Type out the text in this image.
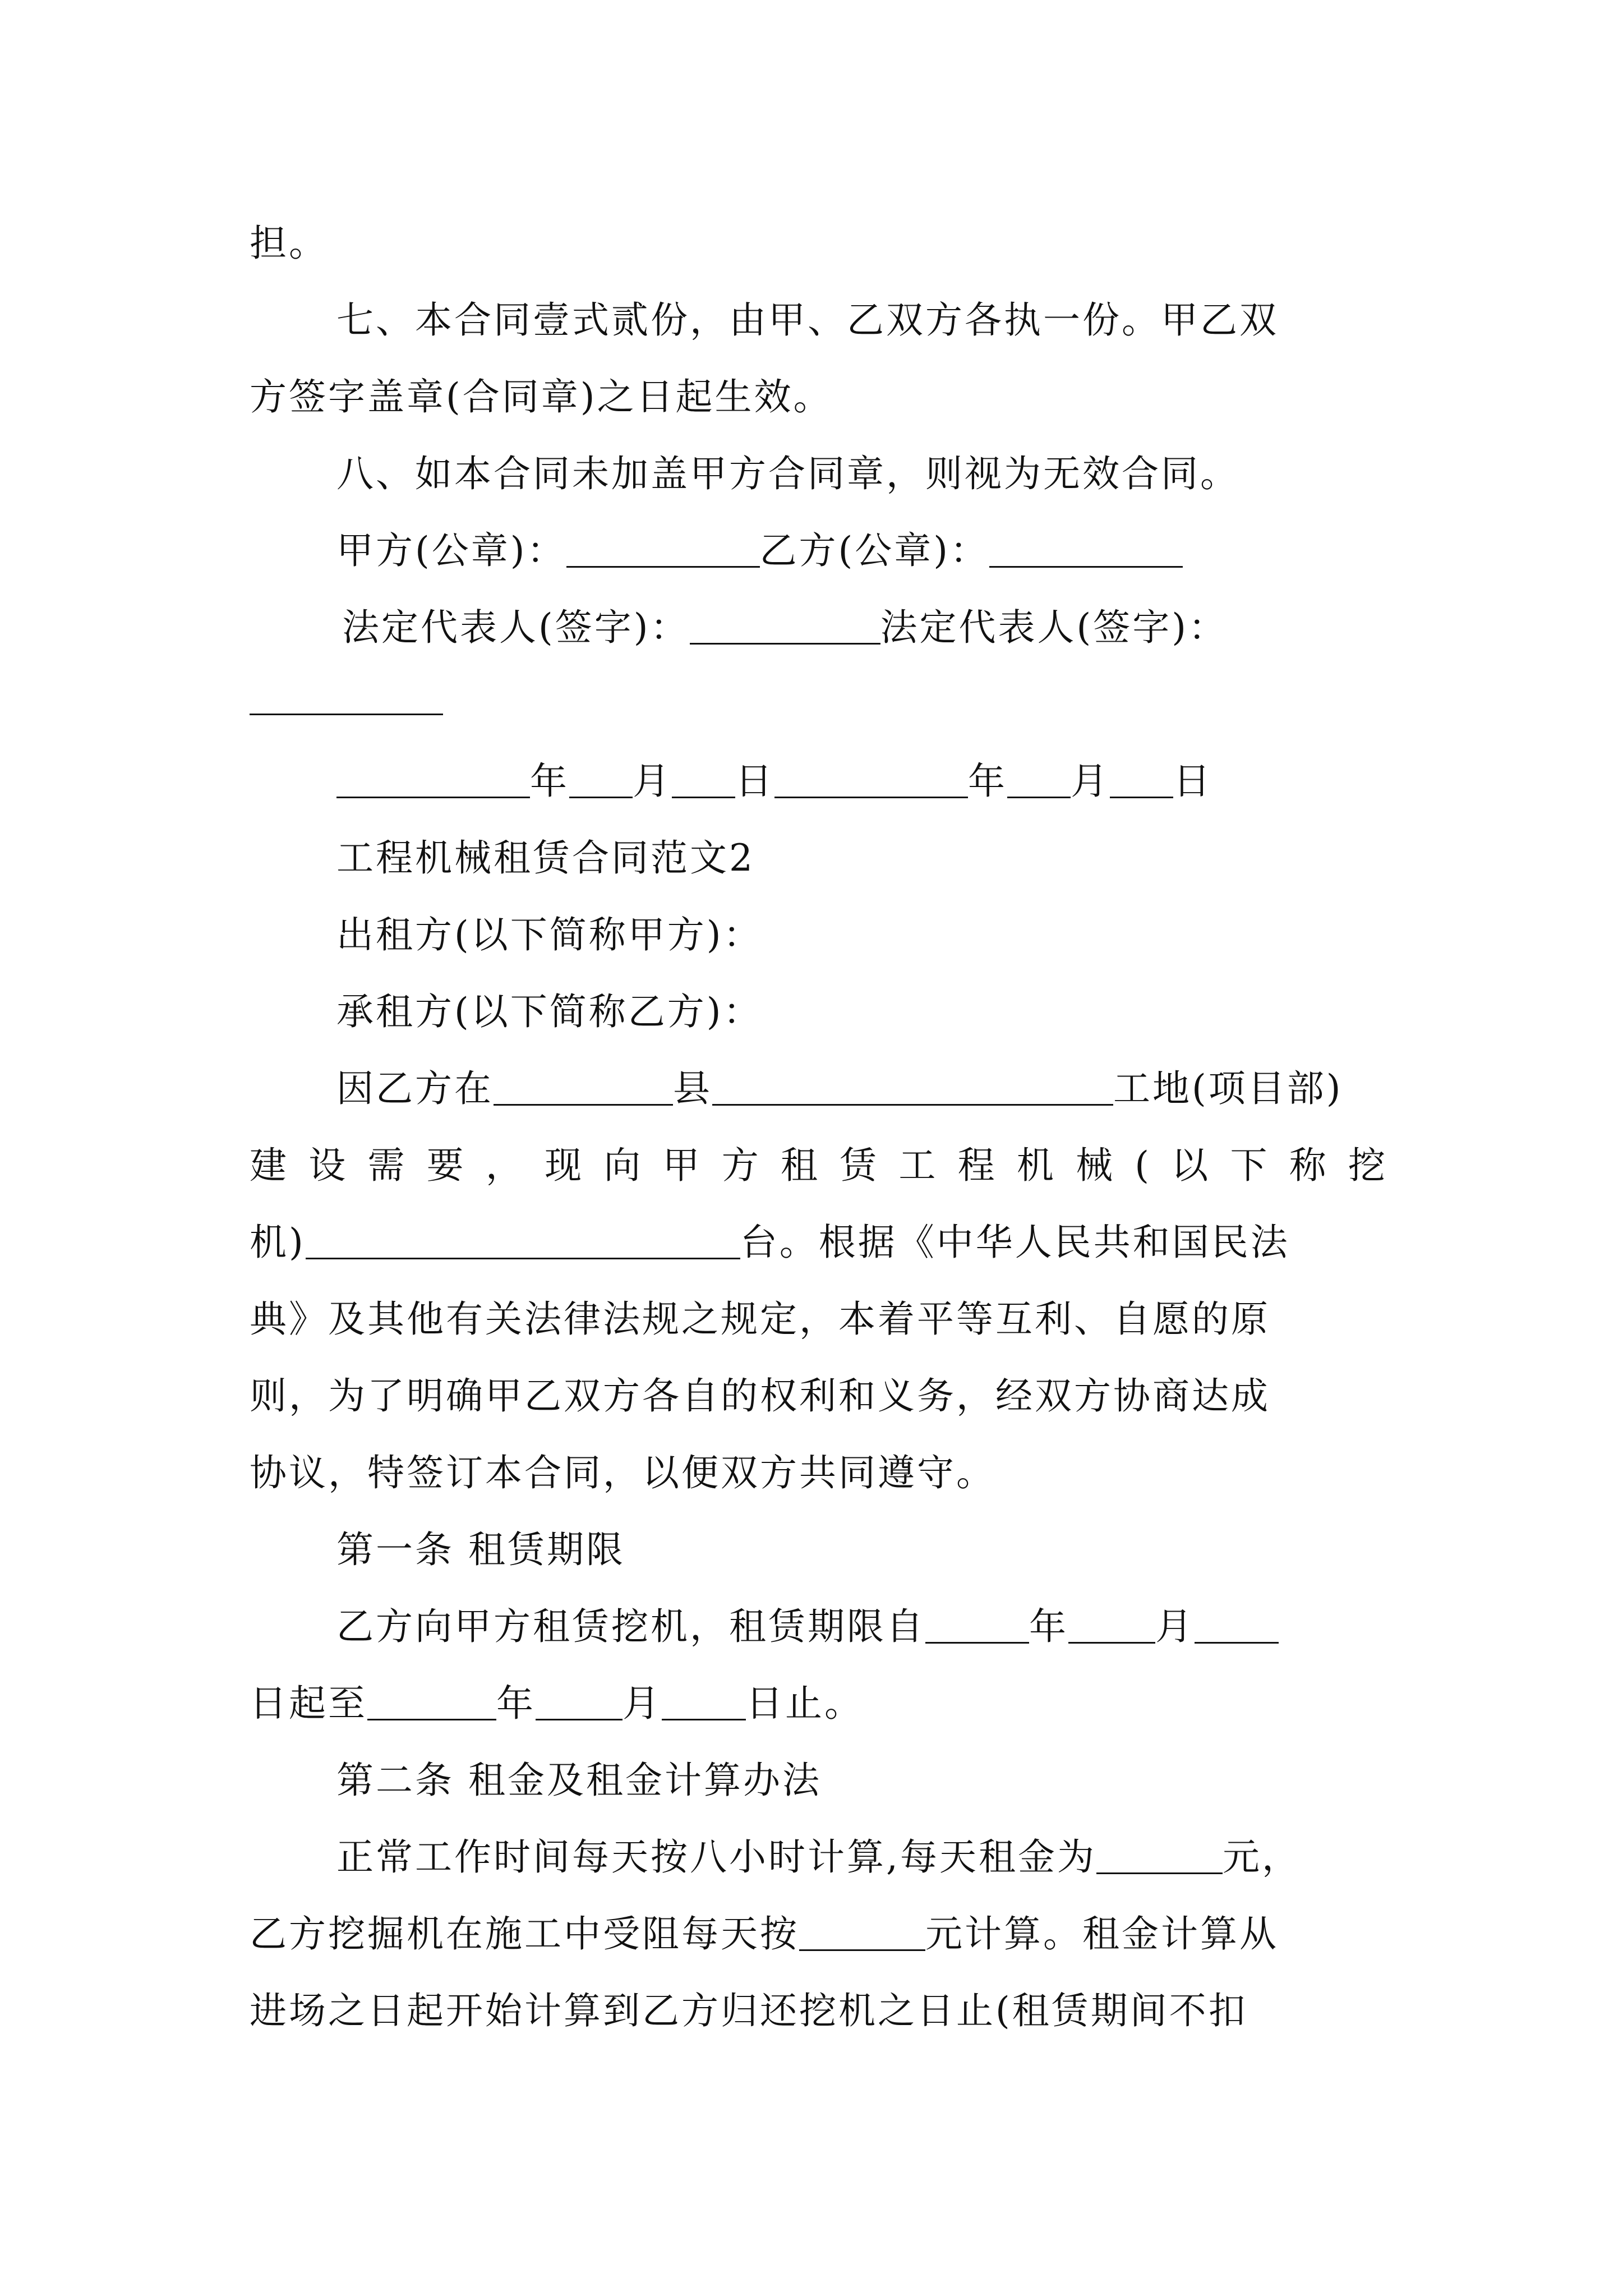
担。
七、本合同壹式贰份，由甲、乙双方各执一份。甲乙双
方签字盖章(合同章)之日起生效。
八、如本合同未加盖甲方合同章，则视为无效合同。
甲方(公章)：	乙方(公章)：
法定代表人(签字)：	法定代表人(签字)：
年 月 日	年 月 日
工程机械租赁合同范文2
出租方(以下简称甲方)：
承租方(以下简称乙方)：
因乙方在	县	工地(项目部)
建 设 需 要 ， 现 向 甲 方 租 赁 工 程 机 械 ( 以 下 称 挖
机)	台。根据《中华人民共和国民法
典》及其他有关法律法规之规定，本着平等互利、自愿的原
则，为了明确甲乙双方各自的权利和义务，经双方协商达成
协议，特签订本合同，以便双方共同遵守。
第一条 租赁期限
乙方向甲方租赁挖机，租赁期限自	年 月
日起至	年 月 日止。
第二条 租金及租金计算办法
正常工作时间每天按八小时计算,每天租金为	元，
乙方挖掘机在施工中受阻每天按	元计算。租金计算从
进场之日起开始计算到乙方归还挖机之日止(租赁期间不扣
